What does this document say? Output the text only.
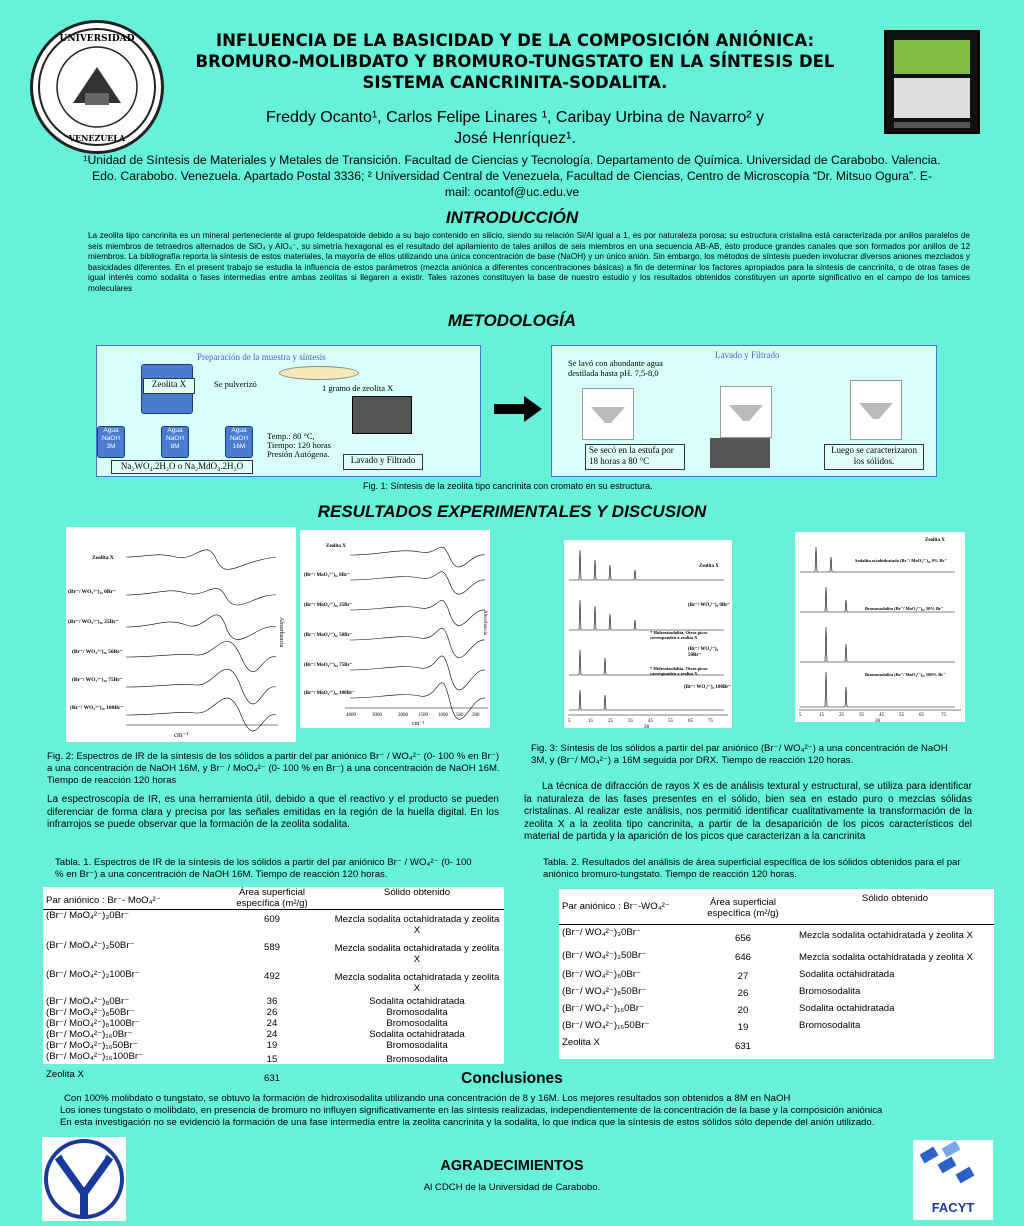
UNIVERSIDAD
VENEZUELA
INFLUENCIA DE LA BASICIDAD Y DE LA COMPOSICIÓN ANIÓNICA: BROMURO-MOLIBDATO Y BROMURO-TUNGSTATO EN LA SÍNTESIS DEL SISTEMA CANCRINITA-SODALITA.
Freddy Ocanto¹, Carlos Felipe Linares ¹, Caribay Urbina de Navarro² y
José Henríquez¹.
¹Unidad de Síntesis de Materiales y Metales de Transición. Facultad de Ciencias y Tecnología. Departamento de Química. Universidad de Carabobo. Valencia. Edo. Carabobo. Venezuela. Apartado Postal 3336; ² Universidad Central de Venezuela, Facultad de Ciencias, Centro de Microscopía “Dr. Mitsuo Ogura”. E-mail: ocantof@uc.edu.ve
INTRODUCCIÓN
La zeolita tipo cancrinita es un mineral perteneciente al grupo feldespatoide debido a su bajo contenido en silicio, siendo su relación Si/Al igual a 1, es por naturaleza porosa; su estructura cristalina está caracterizada por anillos paralelos de seis miembros de tetraedros alternados de SiO₄ y AlO₄⁻, su simetría hexagonal es el resultado del apilamiento de tales anillos de seis miembros en una secuencia AB-AB, ésto produce grandes canales que son formados por anillos de 12 miembros. La bibliografía reporta la síntesis de estos materiales, la mayoría de ellos utilizando una única concentración de base (NaOH) y un único anión. Sin embargo, los métodos de síntesis pueden involucrar diversos aniones mezclados y basicidades diferentes. En el present trabajo se estudia la influencia de estos parámetros (mezcla aniónica a diferentes concentraciones básicas) a fin de determinar los factores apropiados para la síntesis de cancrinita, o de otras fases de igual interés como sodalita o fases intermedias entre ambas zeolitas si llegaren a existir. Tales razones constituyen la base de nuestro estudio y los resultados obtenidos constituyen un aporte significativo en el campo de los tamices moleculares
METODOLOGÍA
Preparación de la muestra y síntesis
Zeolita X	Se pulverizó	1 gramo de zeolita X
Agua NaOH 3M
Agua NaOH 8M
Agua NaOH 16M
Temp.: 80 °C,
Tiempo: 120 horas
Presión Autógena.
Na₂WO₄.2H₂O o Na₂MdO₄.2H₂O
Lavado y Filtrado
Lavado y Filtrado
Se lavó con abundante agua destilada hasta pH. 7,5-8,0
Se secó en la estufa por 18 horas a 80 °C
Luego se caracterizaron los sólidos.
Fig. 1: Síntesis de la zeolita tipo cancrinita con cromato en su estructura.
RESULTADOS EXPERIMENTALES Y DISCUSION
cm⁻¹
Absorbancia
Zeolita X
(Br⁻/ WO₄²⁻)₁₆ 0Br⁻
(Br⁻/ WO₄²⁻)₁₆ 25Br⁻
(Br⁻/ WO₄²⁻)₁₆ 50Br⁻
(Br⁻/ WO₄²⁻)₁₆ 75Br⁻
(Br⁻/ WO₄²⁻)₁₆ 100Br⁻
4000	3000	2000 1500 1000 500 200
cm⁻¹
Absorbancia
Zeolita X
(Br⁻/ MoO₄²⁻)₁₆ 0Br⁻
(Br⁻/ MoO₄²⁻)₁₆ 25Br⁻
(Br⁻/ MoO₄²⁻)₁₆ 50Br⁻
(Br⁻/ MoO₄²⁻)₁₆ 75Br⁻
(Br⁻/ MoO₄²⁻)₁₆ 100Br⁻
5	15	25	35	45	55	65	75
2θ
Zeolita X
(Br⁻/ WO₄²⁻)₈ 0Br⁻
* Hidroxisodalita. Otros picos corresponden a zeolita X
(Br⁻/ WO₄²⁻)₈ 50Br⁻
* Hidroxisodalita. Otros picos corresponden a zeolita X
(Br⁻/ WO₄²⁻)₈ 100Br⁻
5	15	25	35	45	55	65	75
2θ
Zeolita X
Sodalita octahidratada (Br⁻/ MoO₄²⁻)₁₆ 0% Br⁻
Bromosodalita (Br⁻/ MoO₄²⁻)₁₆ 50% Br⁻
Bromosodalita (Br⁻/ MoO₄²⁻)₁₆ 100% Br⁻
Fig. 2: Espectros de IR de la síntesis de los sólidos a partir del par aniónico Br⁻ / WO₄²⁻ (0- 100 % en Br⁻) a una concentración de NaOH 16M, y Br⁻ / MoO₄²⁻ (0- 100 % en Br⁻) a una concentración de NaOH 16M. Tiempo de reacción 120 horas
Fig. 3: Síntesis de los sólidos a partir del par aniónico (Br⁻/ WO₄²⁻) a una concentración de NaOH 3M, y (Br⁻/ MO₄²⁻) a 16M seguida por DRX. Tiempo de reacción 120 horas.
La espectroscopía de IR, es una herramienta útil, debido a que el reactivo y el producto se pueden diferenciar de forma clara y precisa por las señales emitidas en la región de la huella digital. En los infrarrojos se puede observar que la formación de la zeolita sodalita.
La técnica de difracción de rayos X es de análisis textural y estructural, se utiliza para identificar la naturaleza de las fases presentes en el sólido, bien sea en estado puro o mezclas sólidas cristalinas. Al realizar este análisis, nos permitió identificar cualitativamente la transformación de la zeolita X a la zeolita tipo cancrinita, a partir de la desaparición de los picos característicos del material de partida y la aparición de los picos que caracterizan a la cancrinita
Tabla. 1. Espectros de IR de la síntesis de los sólidos a partir del par aniónico Br⁻ / WO₄²⁻ (0- 100 % en Br⁻) a una concentración de NaOH 16M. Tiempo de reacción 120 horas.
Par aniónico : Br⁻- MoO₄²⁻	Área superficial específica (m²/g)	Sólido obtenido
(Br⁻/ MoO₄²⁻)₃0Br⁻	609	Mezcla sodalita octahidratada y zeolita X
(Br⁻/ MoO₄²⁻)₃50Br⁻	589	Mezcla sodalita octahidratada y zeolita X
(Br⁻/ MoO₄²⁻)₃100Br⁻	492	Mezcla sodalita octahidratada y zeolita X
(Br⁻/ MoO₄²⁻)₈0Br⁻	36	Sodalita octahidratada
(Br⁻/ MoO₄²⁻)₈50Br⁻	26	Bromosodalita
(Br⁻/ MoO₄²⁻)₈100Br⁻	24	Bromosodalita
(Br⁻/ MoO₄²⁻)₁₆0Br⁻	24	Sodalita octahidratada
(Br⁻/ MoO₄²⁻)₁₆50Br⁻	19	Bromosodalita
(Br⁻/ MoO₄²⁻)₁₆100Br⁻	15	Bromosodalita
Zeolita X	631	
Tabla. 2. Resultados del análisis de área superficial específica de los sólidos obtenidos para el par aniónico bromuro-tungstato. Tiempo de reacción 120 horas.
Par aniónico : Br⁻-WO₄²⁻	Área superficial específica (m²/g)	Sólido obtenido
(Br⁻/ WO₄²⁻)₃0Br⁻	656	Mezcla sodalita octahidratada y zeolita X
(Br⁻/ WO₄²⁻)₃50Br⁻	646	Mezcla sodalita octahidratada y zeolita X
(Br⁻/ WO₄²⁻)₈0Br⁻	27	Sodalita octahidratada
(Br⁻/ WO₄²⁻)₈50Br⁻	26	Bromosodalita
(Br⁻/ WO₄²⁻)₁₆0Br⁻	20	Sodalita octahidratada
(Br⁻/ WO₄²⁻)₁₆50Br⁻	19	Bromosodalita
Zeolita X	631	
Conclusiones
Con 100% molibdato o tungstato, se obtuvo la formación de hidroxisodalita utilizando una concentración de 8 y 16M. Los mejores resultados son obtenidos a 8M en NaOH
Los iones tungstato o molibdato, en presencia de bromuro no influyen significativamente en las síntesis realizadas, independientemente de la concentración de la base y la composición aniónica
En esta investigación no se evidenció la formación de una fase intermedia entre la zeolita cancrinita y la sodalita, lo que indica que la síntesis de estos sólidos sólo depende del anión utilizado.
AGRADECIMIENTOS
Al CDCH de la Universidad de Carabobo.
FACYT
